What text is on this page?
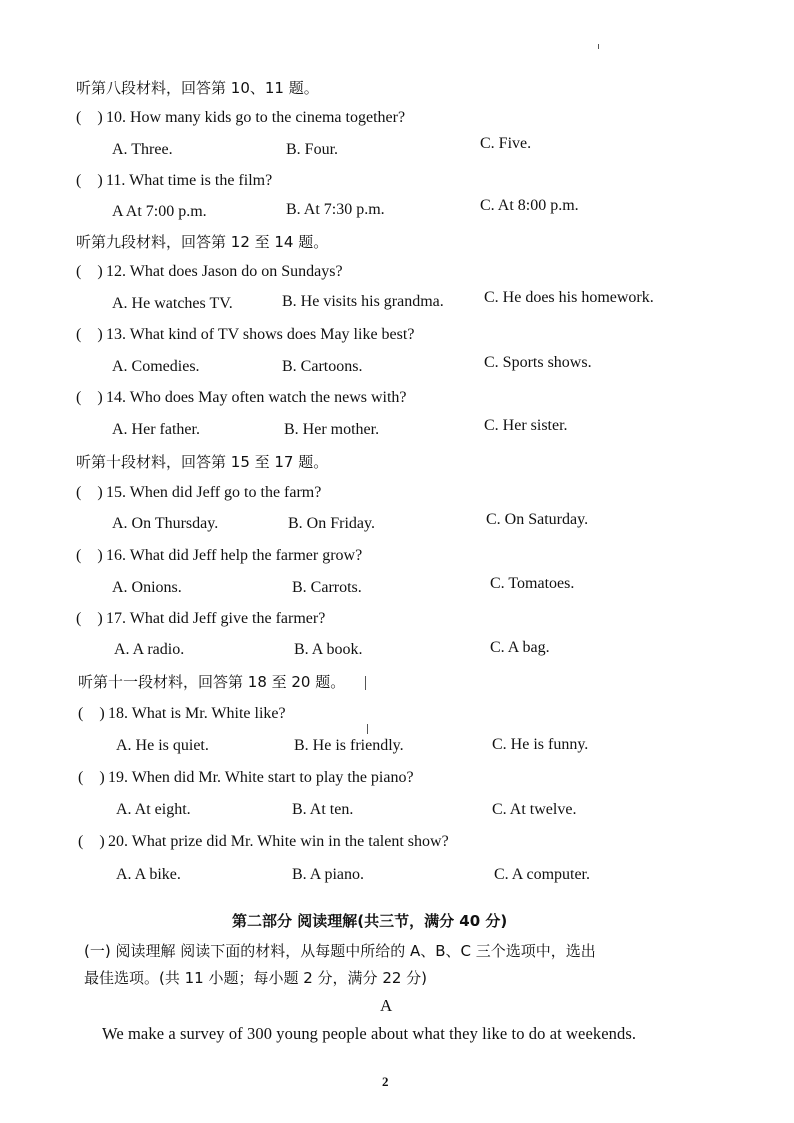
听第八段材料，回答第 10、11 题。
(　) 10. How many kids go to the cinema together?
A. Three.	B. Four.	C. Five.
(　) 11. What time is the film?
A At 7:00 p.m.	B. At 7:30 p.m.	C. At 8:00 p.m.
听第九段材料，回答第 12 至 14 题。
(　) 12. What does Jason do on Sundays?
A. He watches TV.	B. He visits his grandma.	C. He does his homework.
(　) 13. What kind of TV shows does May like best?
A. Comedies.	B. Cartoons.	C. Sports shows.
(　) 14. Who does May often watch the news with?
A. Her father.	B. Her mother.	C. Her sister.
听第十段材料，回答第 15 至 17 题。
(　) 15. When did Jeff go to the farm?
A. On Thursday.	B. On Friday.	C. On Saturday.
(　) 16. What did Jeff help the farmer grow?
A. Onions.	B. Carrots.	C. Tomatoes.
(　) 17. What did Jeff give the farmer?
A. A radio.	B. A book.	C. A bag.
听第十一段材料，回答第 18 至 20 题。
(　) 18. What is Mr. White like?
A. He is quiet.	B. He is friendly.	C. He is funny.
(　) 19. When did Mr. White start to play the piano?
A. At eight.	B. At ten.	C. At twelve.
(　) 20. What prize did Mr. White win in the talent show?
A. A bike.	B. A piano.	C. A computer.
第二部分 阅读理解(共三节，满分 40 分)
(一) 阅读理解 阅读下面的材料，从每题中所给的 A、B、C 三个选项中，选出
最佳选项。(共 11 小题；每小题 2 分，满分 22 分)
A
We make a survey of 300 young people about what they like to do at weekends.
2
